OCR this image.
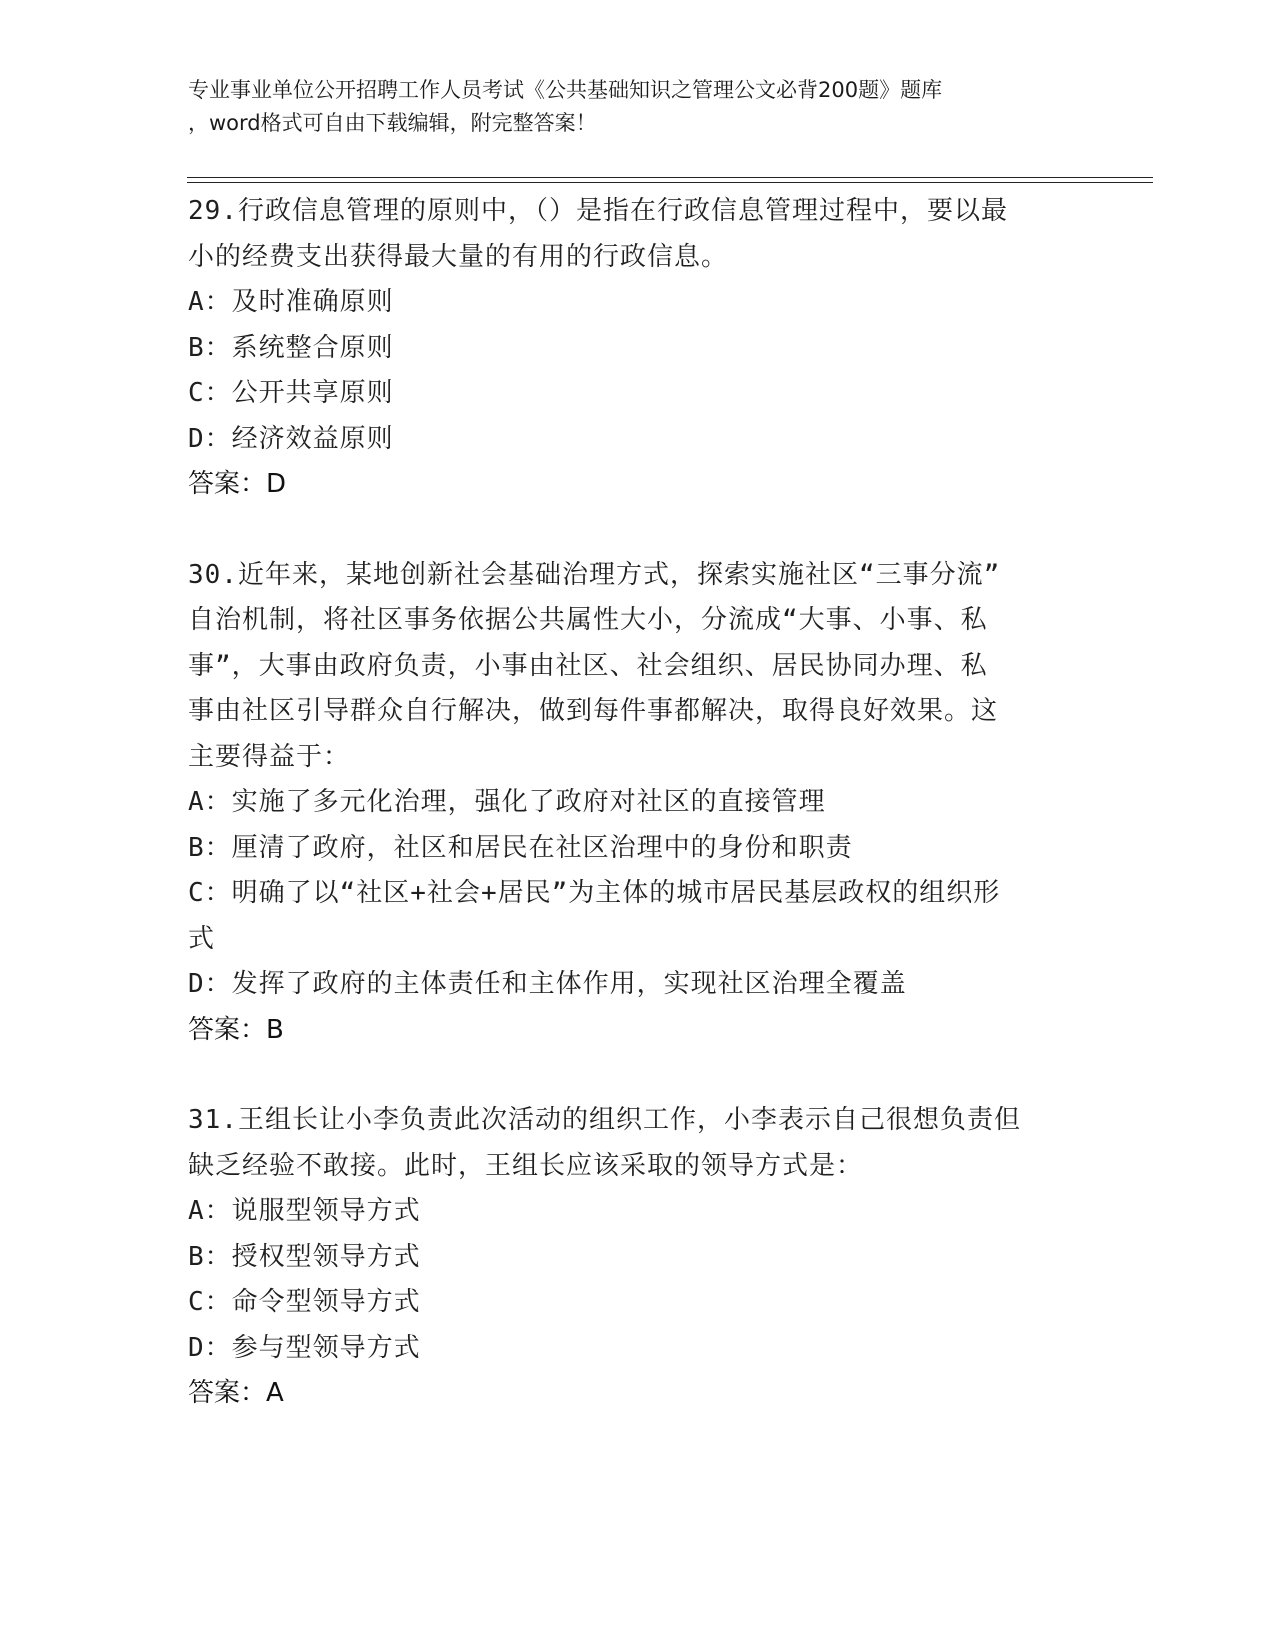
专业事业单位公开招聘工作人员考试《公共基础知识之管理公文必背200题》题库
，word格式可自由下载编辑，附完整答案！
29.行政信息管理的原则中，（）是指在行政信息管理过程中，要以最
小的经费支出获得最大量的有用的行政信息。
A：及时准确原则
B：系统整合原则
C：公开共享原则
D：经济效益原则
答案：D
30.近年来，某地创新社会基础治理方式，探索实施社区“三事分流”
自治机制，将社区事务依据公共属性大小，分流成“大事、小事、私
事”，大事由政府负责，小事由社区、社会组织、居民协同办理、私
事由社区引导群众自行解决，做到每件事都解决，取得良好效果。这
主要得益于：
A：实施了多元化治理，强化了政府对社区的直接管理
B：厘清了政府，社区和居民在社区治理中的身份和职责
C：明确了以“社区+社会+居民”为主体的城市居民基层政权的组织形
式
D：发挥了政府的主体责任和主体作用，实现社区治理全覆盖
答案：B
31.王组长让小李负责此次活动的组织工作，小李表示自己很想负责但
缺乏经验不敢接。此时，王组长应该采取的领导方式是：
A：说服型领导方式
B：授权型领导方式
C：命令型领导方式
D：参与型领导方式
答案：A
